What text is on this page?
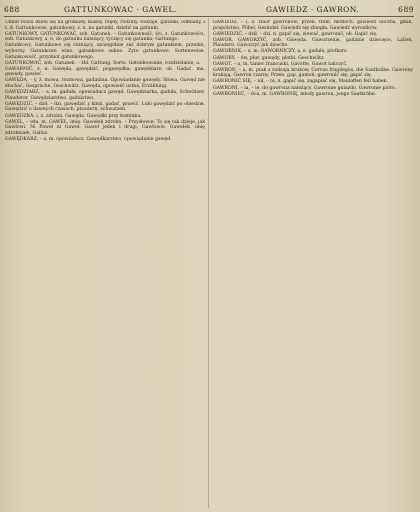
688	GATTUNKOWAC · GAWEL.	GAWIEDZ · GAWRON.	689

Układ rośliu dzieli się na gromady, klassy, rzędy, rodziny, rodzaje, gatunki, odmiany, i t. d. Gattunkowae, gatunkowy, z. n. na gatunki, dzielić na gatunki.

GATUNKOWY, GATUNKOWAĆ, zob. Gatunek. – Gatunkowność, ści, z. Gatunkowości, zob. Gatunkowy, a, e, do gatunku należący, tyczący się gatunku; Gattungs-.

Gatunkowy, Gatunkowo się różniący, szczególnie zaś dobrym gatunkiem, przedni, wyborny. Gatunkowe wino, gatunkowe sukno. Zyto gatunkowe, Sortenweise. Gatunkowość, przymiot gatunkowego.

GATUNKOWAĆ, zob. Gatunek. – Hd. Gattung. Sorte. Gatunkowanie, rozdzielanie, a.

GAWARNIĆ, z. n. Gawęda, gawędzić, pogawędka; gawędziarz; ob. Gadać. ma, gawędy, gawieć.

GAWĘDA, – y, ż. mowa, rozmowa, gadanina. Opowiadanie gawędy. Słowa. Gawęd nie słuchać, Gespräche, Geschwätz. Gawęda, opowieść ustna, Erzählung.

GAWĘDZIARZ, – a, m. gaduła, opowiadacz gawęd. Gawędziarka, gaduła, Schwätzer, Plauderer. Gawędziarstwo, gadulstwo.

GAWĘDZIĆ, – dził, – dzi, gawędzić z kimś, gadać, prawić. Lubi gawędzić po obiedzie. Gawędzić o dawnych czasach, plaudern, schwatzen.

GAWĘDZKA, i, ż. zdrobn. Gawęda. Gawędki przy kominku.

GAWEL, – wła, m. GAWEŁ, imię. Gawełek zdrobn. – Przysłowie: To się tak dzieje, jak Gawłowi. Ni Paweł ni Gaweł. Gaweł jeden i drugi; Gawłowie. Gawełek, imię zdrobniałe, Gallus.

GAWĘDKARZ, – a, m. opowiadacz. Gawędkarstwo, opowiadanie gawęd.

GAWIEDZ, – i, ż. zbiór gawronów; przen. tłum, motłoch, gawiedź uliczna, gmin, pospólstwo, Pöbel, Gesindel. Gawiedź się zbiegła. Gawiedź wyrostków.

GAWIEDZIĆ, – dził, – dzi, n. gapić się, ziewać, gawronić; ob. Gapić się.

GAWOR, GAWORZYĆ, zob. Gawęda. Gaworzenie, gadanie dziecięce, Lallen, Plaudern. Gaworzyć jak dziecko.

GAWORNIK, – a, m. GAWORNICZY, a, e. gaduła, plotkarz.

GAWORY, – ów, plur. gawędy, plotki, Geschwätz.

GAWOT, – a, m. taniec francuski, Gavotte. Gawot tańczyć.

GAWRON, – a, m. ptak z rodzaju kruków, Corvus frugilegus, die Saatkrähe. Gawrony krakają. Gawron czarny. Przen. gap, gamoń; gawronić się, gapić się.

GAWRONIĆ SIĘ, – nił, – ni, n. gapić się, zagapiać się, Maulaffen feil haben.

GAWRONI, – ia, – ie, do gawrona należący. Gawronie gniazdo. Gawronie pióro.

GAWRONIEC, – ńca, m. GAWRONIĘ, młody gawron, junge Saatkrähe.
